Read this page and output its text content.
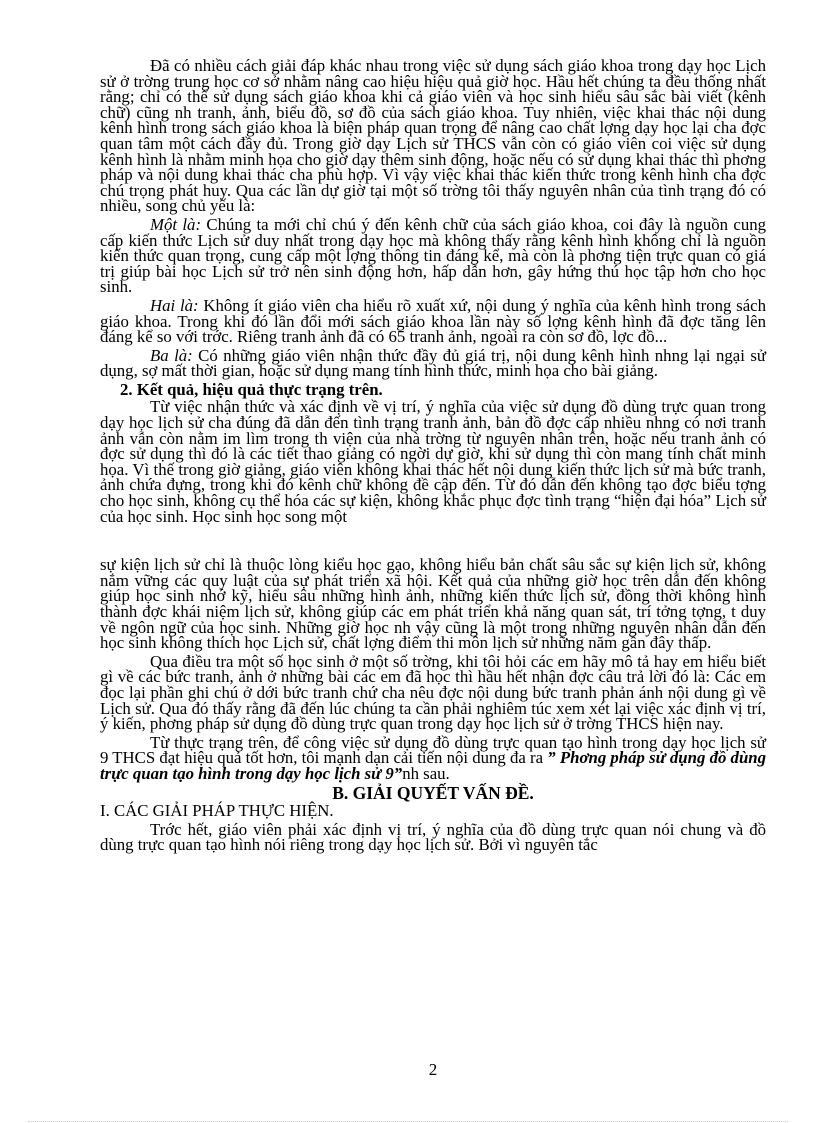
Đã có nhiều cách giải đáp khác nhau trong việc sử dụng sách giáo khoa trong dạy học Lịch sử ở trờng trung học cơ sở nhằm nâng cao hiệu hiệu quả giờ học. Hầu hết chúng ta đều thống nhất rằng; chỉ có thể sử dụng sách giáo khoa khi cả giáo viên và học sinh hiểu sâu sắc bài viết (kênh chữ) cũng nh tranh, ảnh, biểu đồ, sơ đồ của sách giáo khoa. Tuy nhiên, việc khai thác nội dung kênh hình trong sách giáo khoa là biện pháp quan trọng để nâng cao chất lợng dạy học lại cha đợc quan tâm một cách đầy đủ. Trong giờ dạy Lịch sử THCS vẫn còn có giáo viên coi việc sử dụng kênh hình là nhằm minh họa cho giờ dạy thêm sinh động, hoặc nếu có sử dụng khai thác thì phơng pháp và nội dung khai thác cha phù hợp. Vì vậy việc khai thác kiến thức trong kênh hình cha đợc chú trọng phát huy. Qua các lần dự giờ tại một số trờng tôi thấy nguyên nhân của tình trạng đó có nhiều, song chủ yếu là:

Một là: Chúng ta mới chỉ chú ý đến kênh chữ của sách giáo khoa, coi đây là nguồn cung cấp kiến thức Lịch sử duy nhất trong dạy học mà không thấy rằng kênh hình không chỉ là nguồn kiến thức quan trọng, cung cấp một lợng thông tin đáng kể, mà còn là phơng tiện trực quan có giá trị giúp bài học Lịch sử trở nên sinh động hơn, hấp dẫn hơn, gây hứng thú học tập hơn cho học sinh.

Hai là: Không ít giáo viên cha hiểu rõ xuất xứ, nội dung ý nghĩa của kênh hình trong sách giáo khoa. Trong khi đó lần đổi mới sách giáo khoa lần này số lợng kênh hình đã đợc tăng lên đáng kể so với trớc. Riêng tranh ảnh đã có 65 tranh ảnh, ngoài ra còn sơ đồ, lợc đồ...

Ba là: Có những giáo viên nhận thức đầy đủ giá trị, nội dung kênh hình nhng lại ngại sử dụng, sợ mất thời gian, hoặc sử dụng mang tính hình thức, minh họa cho bài giảng.

2. Kết quả, hiệu quả thực trạng trên.

Từ việc nhận thức và xác định về vị trí, ý nghĩa của việc sử dụng đồ dùng trực quan trong dạy học lịch sử cha đúng đã dẫn đến tình trạng tranh ảnh, bản đồ đợc cấp nhiều nhng có nơi tranh ảnh vẫn còn nằm im lìm trong th viện của nhà trờng từ nguyên nhân trên, hoặc nếu tranh ảnh có đợc sử dụng thì đó là các tiết thao giảng có ngời dự giờ, khi sử dụng thì còn mang tính chất minh họa. Vì thế trong giờ giảng, giáo viên không khai thác hết nội dung kiến thức lịch sử mà bức tranh, ảnh chứa đựng, trong khi đó kênh chữ không đề cập đến. Từ đó dẫn đến không tạo đợc biểu tợng cho học sinh, không cụ thể hóa các sự kiện, không khắc phục đợc tình trạng “hiện đại hóa” Lịch sử của học sinh. Học sinh học song một

sự kiện lịch sử chỉ là thuộc lòng kiểu học gạo, không hiểu bản chất sâu sắc sự kiện lịch sử, không nắm vững các quy luật của sự phát triển xã hội. Kết quả của những giờ học trên dẫn đến không giúp học sinh nhớ kỹ, hiểu sâu những hình ảnh, những kiến thức lịch sử, đồng thời không hình thành đợc khái niệm lịch sử, không giúp các em phát triển khả năng quan sát, trí tởng tợng, t duy về ngôn ngữ của học sinh. Những giờ học nh vậy cũng là một trong những nguyên nhân dẫn đến học sinh không thích học Lịch sử, chất lợng điểm thi môn lịch sử những năm gần đây thấp.

Qua điều tra một số học sinh ở một số trờng, khi tôi hỏi các em hãy mô tả hay em hiểu biết gì về các bức tranh, ảnh ở những bài các em đã học thì hầu hết nhận đợc câu trả lời đó là: Các em đọc lại phần ghi chú ở dới bức tranh chứ cha nêu đợc nội dung bức tranh phản ánh nội dung gì về Lịch sử. Qua đó thấy rằng đã đến lúc chúng ta cần phải nghiêm túc xem xét lại việc xác định vị trí, ý kiến, phơng pháp sử dụng đồ dùng trực quan trong dạy học lịch sử ở trờng THCS hiện nay.

Từ thực trạng trên, để công việc sử dụng đồ dùng trực quan tạo hình trong dạy học lịch sử 9 THCS đạt hiệu quả tốt hơn, tôi mạnh dạn cải tiến nội dung đa ra ” Phơng pháp sử dụng đồ dùng trực quan tạo hình trong dạy học lịch sử 9”nh sau.

B. GIẢI QUYẾT VẤN ĐỀ.

I. CÁC GIẢI PHÁP THỰC HIỆN.

Trớc hết, giáo viên phải xác định vị trí, ý nghĩa của đồ dùng trực quan nói chung và đồ dùng trực quan tạo hình nói riêng trong dạy học lịch sử. Bởi vì nguyên tắc

2
